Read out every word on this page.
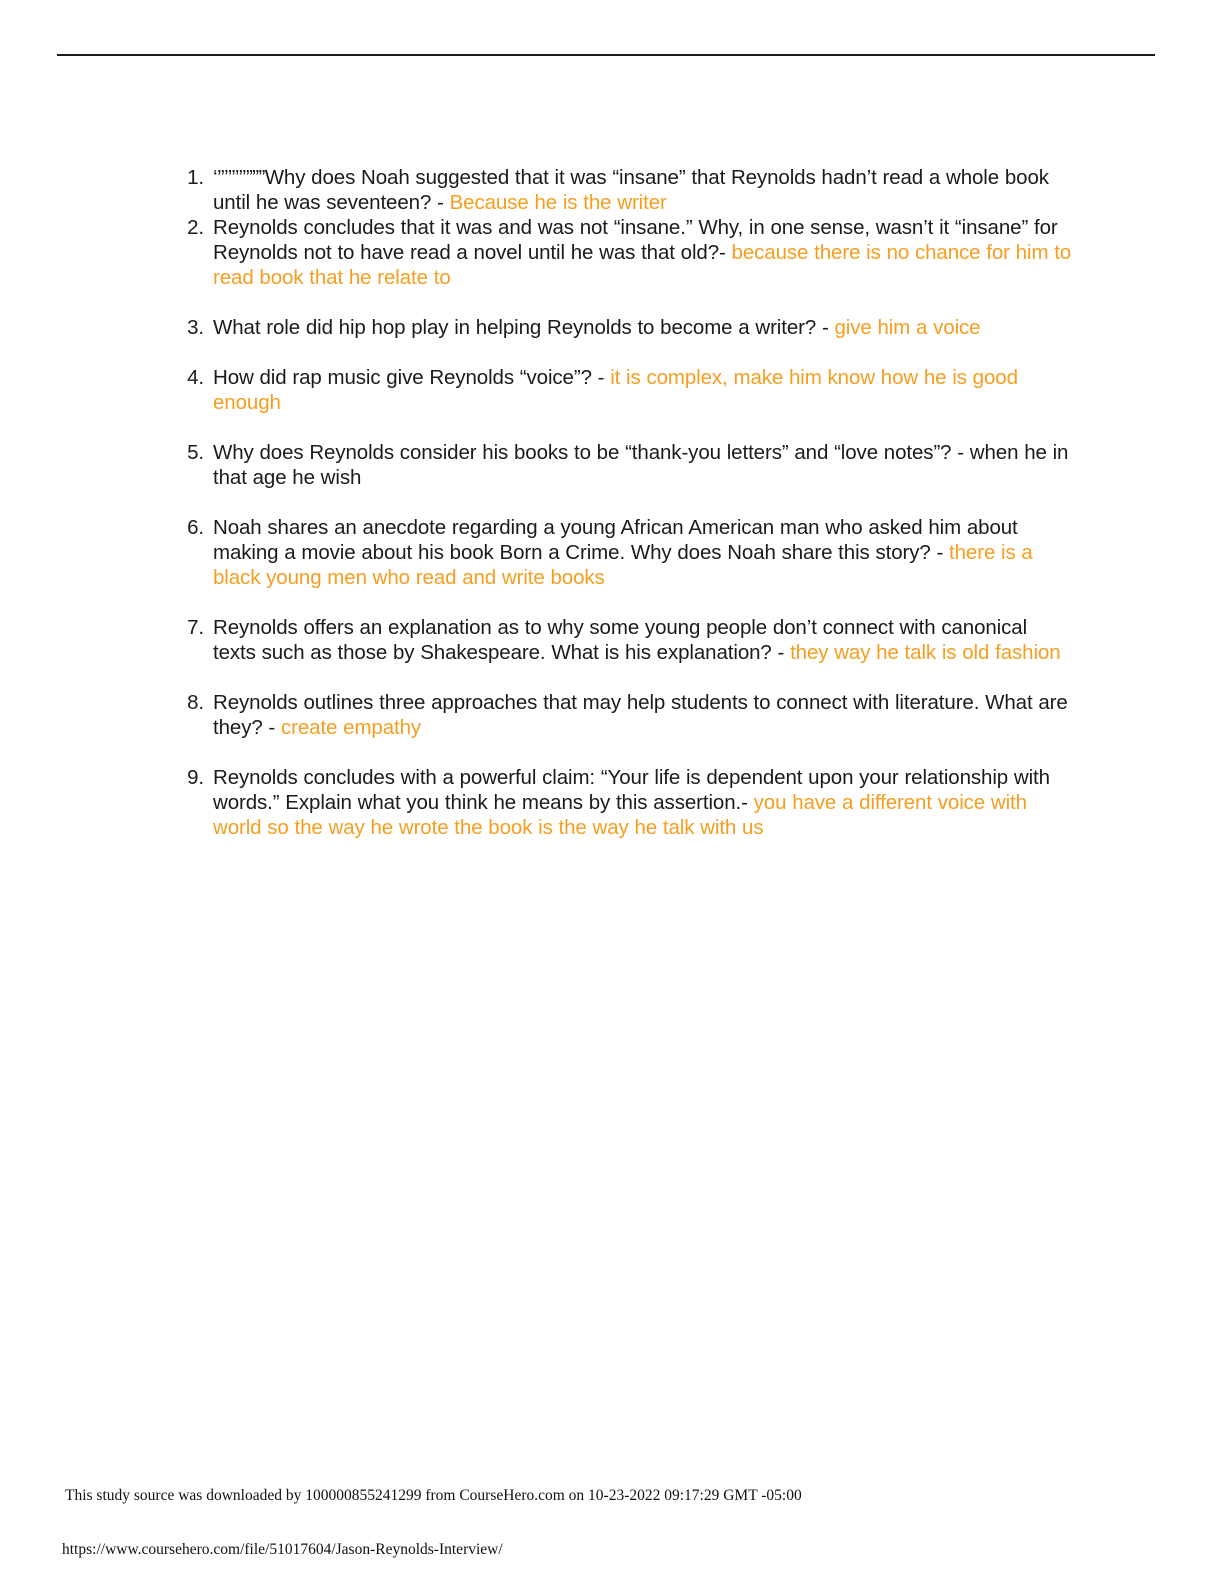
1. ‘’’’’’’’’”””Why does Noah suggested that it was “insane” that Reynolds hadn’t read a whole book until he was seventeen? - Because he is the writer
2. Reynolds concludes that it was and was not “insane.” Why, in one sense, wasn’t it “insane” for Reynolds not to have read a novel until he was that old?- because there is no chance for him to read book that he relate to
3. What role did hip hop play in helping Reynolds to become a writer? - give him a voice
4. How did rap music give Reynolds “voice”? - it is complex, make him know how he is good enough
5. Why does Reynolds consider his books to be “thank-you letters” and “love notes”? - when he in that age he wish
6. Noah shares an anecdote regarding a young African American man who asked him about making a movie about his book Born a Crime. Why does Noah share this story? - there is a black young men who read and write books
7. Reynolds offers an explanation as to why some young people don’t connect with canonical texts such as those by Shakespeare. What is his explanation? - they way he talk is old fashion
8. Reynolds outlines three approaches that may help students to connect with literature. What are they? - create empathy
9. Reynolds concludes with a powerful claim: “Your life is dependent upon your relationship with words.” Explain what you think he means by this assertion.- you have a different voice with world so the way he wrote the book is the way he talk with us
This study source was downloaded by 100000855241299 from CourseHero.com on 10-23-2022 09:17:29 GMT -05:00
https://www.coursehero.com/file/51017604/Jason-Reynolds-Interview/
